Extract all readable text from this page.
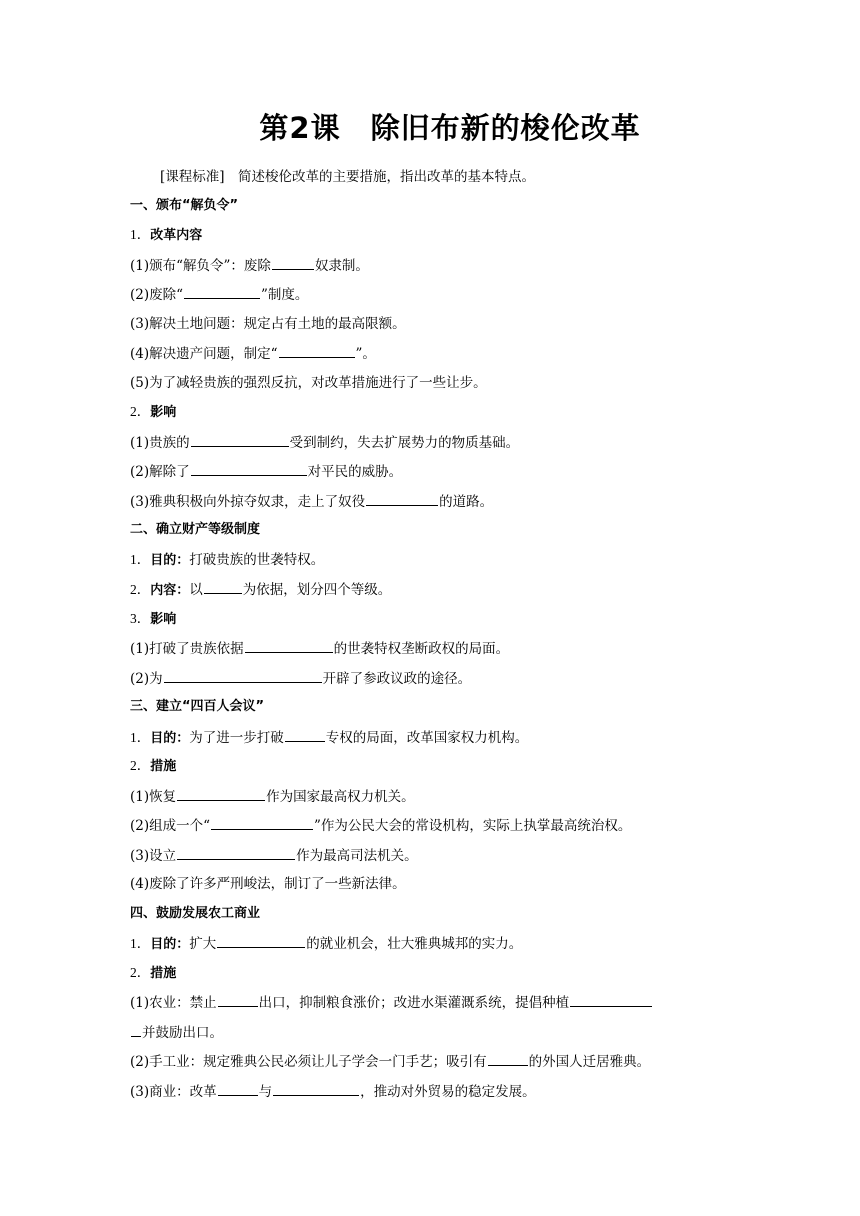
第2课　除旧布新的梭伦改革
[课程标准]　 简述梭伦改革的主要措施，指出改革的基本特点。
一、颁布“解负令”
1．改革内容
(1)颁布“解负令”：废除	奴隶制。
(2)废除“	”制度。
(3)解决土地问题：规定占有土地的最高限额。
(4)解决遗产问题，制定“	”。
(5)为了减轻贵族的强烈反抗，对改革措施进行了一些让步。
2．影响
(1)贵族的	受到制约，失去扩展势力的物质基础。
(2)解除了	对平民的威胁。
(3)雅典积极向外掠夺奴隶，走上了奴役	的道路。
二、确立财产等级制度
1．目的：打破贵族的世袭特权。
2．内容：以	为依据，划分四个等级。
3．影响
(1)打破了贵族依据	的世袭特权垄断政权的局面。
(2)为	开辟了参政议政的途径。
三、建立“四百人会议”
1．目的：为了进一步打破	专权的局面，改革国家权力机构。
2．措施
(1)恢复	作为国家最高权力机关。
(2)组成一个“	”作为公民大会的常设机构，实际上执掌最高统治权。
(3)设立	作为最高司法机关。
(4)废除了许多严刑峻法，制订了一些新法律。
四、鼓励发展农工商业
1．目的：扩大	的就业机会，壮大雅典城邦的实力。
2．措施
(1)农业：禁止	出口，抑制粮食涨价；改进水渠灌溉系统，提倡种植
并鼓励出口。
(2)手工业：规定雅典公民必须让儿子学会一门手艺；吸引有	的外国人迁居雅典。
(3)商业：改革	与	，推动对外贸易的稳定发展。
